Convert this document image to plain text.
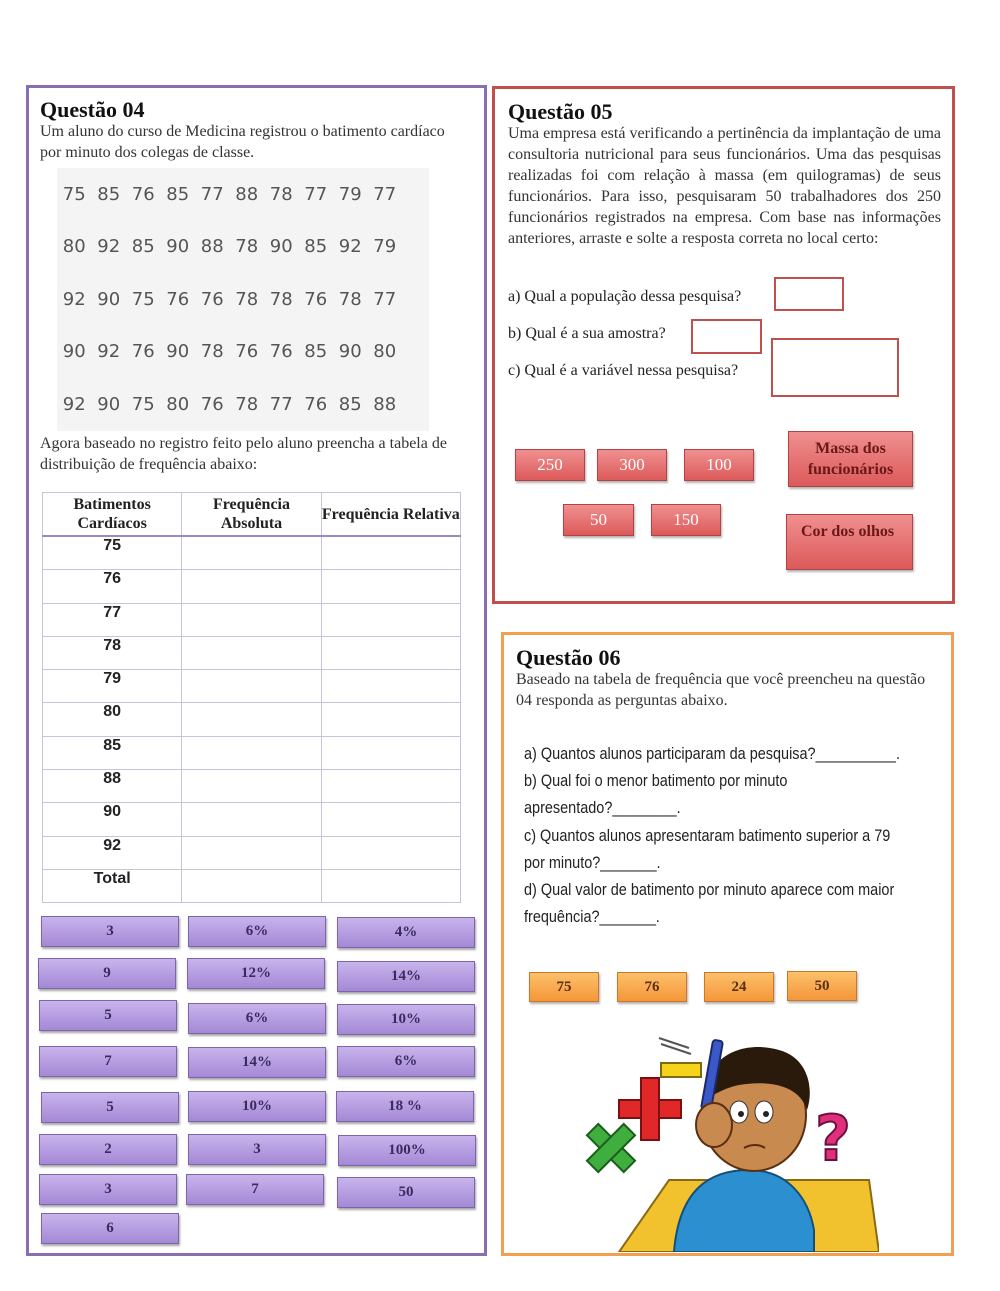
Questão 04
Um aluno do curso de Medicina registrou o batimento cardíaco por minuto dos colegas de classe.
75 85 76 85 77 88 78 77 79 77
80 92 85 90 88 78 90 85 92 79
92 90 75 76 76 78 78 76 78 77
90 92 76 90 78 76 76 85 90 80
92 90 75 80 76 78 77 76 85 88
Agora baseado no registro feito pelo aluno preencha a tabela de distribuição de frequência abaixo:
Batimentos Cardíacos	Frequência Absoluta	Frequência Relativa
75		
76		
77		
78		
79		
80		
85		
88		
90		
92		
Total		
3	6%	4%
9	12%	14%
5	6%	10%
7	14%	6%
5	10%	18 %
2	3	100%
3	7	50
6
Questão 05
Uma empresa está verificando a pertinência da implantação de uma consultoria nutricional para seus funcionários. Uma das pesquisas realizadas foi com relação à massa (em quilogramas) de seus funcionários. Para isso, pesquisaram 50 trabalhadores dos 250 funcionários registrados na empresa. Com base nas informações anteriores, arraste e solte a resposta correta no local certo:
a) Qual a população dessa pesquisa?
b) Qual é a sua amostra?
c) Qual é a variável nessa pesquisa?
250	300	100
50	150
Massa dos funcionários
Cor dos olhos
Questão 06
Baseado na tabela de frequência que você preencheu na questão 04 responda as perguntas abaixo.
a) Quantos alunos participaram da pesquisa?__________.
b) Qual foi o menor batimento por minuto
apresentado?________.
c) Quantos alunos apresentaram batimento superior a 79
por minuto?_______.
d) Qual valor de batimento por minuto aparece com maior
frequência?_______.
75	76	24	50
?
